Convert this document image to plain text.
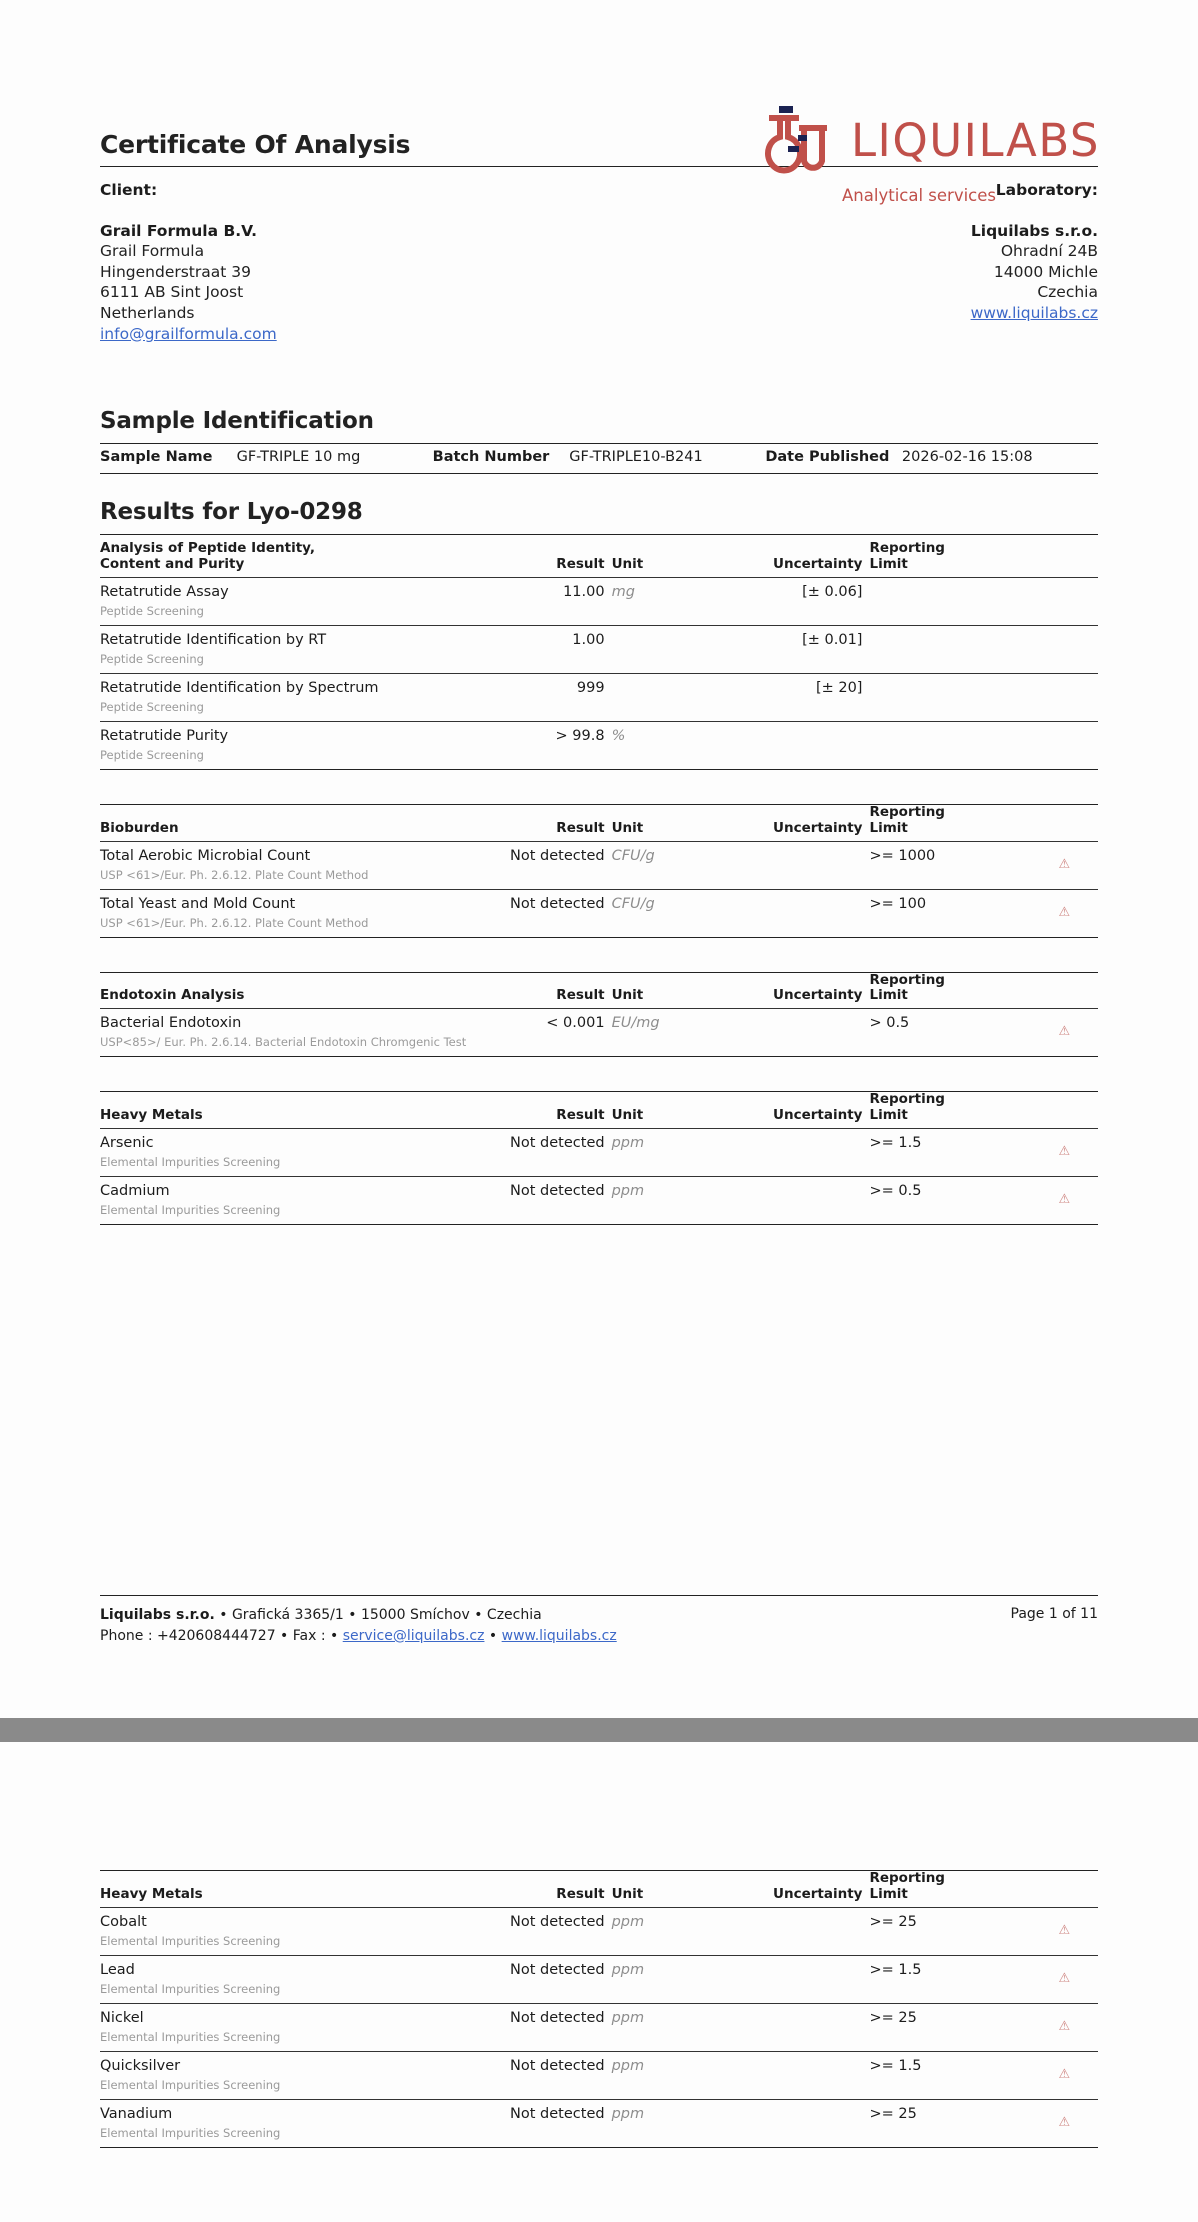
Certificate Of Analysis	LIQUILABS
Analytical services
Client:
Grail Formula B.V.
Grail Formula
Hingenderstraat 39
6111 AB Sint Joost
Netherlands
info@grailformula.com
Laboratory:
Liquilabs s.r.o.
Ohradní 24B
14000 Michle
Czechia
www.liquilabs.cz
Sample Identification
Sample Name	GF-TRIPLE 10 mg	Batch Number	GF-TRIPLE10-B241	Date Published	2026-02-16 15:08
Results for Lyo-0298
Analysis of Peptide Identity,
Content and Purity	Result	Unit	Uncertainty	Reporting
Limit	

Retatrutide Assay
Peptide Screening	11.00	mg	[± 0.06]		

Retatrutide Identification by RT
Peptide Screening	1.00		[± 0.01]		

Retatrutide Identification by Spectrum
Peptide Screening	999		[± 20]		

Retatrutide Purity
Peptide Screening	> 99.8	%			
Bioburden	Result	Unit	Uncertainty	Reporting
Limit	

Total Aerobic Microbial Count
USP <61>/Eur. Ph. 2.6.12. Plate Count Method	Not detected	CFU/g		>= 1000	⚠

Total Yeast and Mold Count
USP <61>/Eur. Ph. 2.6.12. Plate Count Method	Not detected	CFU/g		>= 100	⚠
Endotoxin Analysis	Result	Unit	Uncertainty	Reporting
Limit	

Bacterial Endotoxin
USP<85>/ Eur. Ph. 2.6.14. Bacterial Endotoxin Chromgenic Test	< 0.001	EU/mg		> 0.5	⚠
Heavy Metals	Result	Unit	Uncertainty	Reporting
Limit	

Arsenic
Elemental Impurities Screening	Not detected	ppm		>= 1.5	⚠

Cadmium
Elemental Impurities Screening	Not detected	ppm		>= 0.5	⚠
Liquilabs s.r.o. • Grafická 3365/1 • 15000 Smíchov • Czechia
Phone : +420608444727 • Fax : • service@liquilabs.cz • www.liquilabs.cz
Page 1 of 11
Heavy Metals	Result	Unit	Uncertainty	Reporting
Limit	

Cobalt
Elemental Impurities Screening	Not detected	ppm		>= 25	⚠

Lead
Elemental Impurities Screening	Not detected	ppm		>= 1.5	⚠

Nickel
Elemental Impurities Screening	Not detected	ppm		>= 25	⚠

Quicksilver
Elemental Impurities Screening	Not detected	ppm		>= 1.5	⚠

Vanadium
Elemental Impurities Screening	Not detected	ppm		>= 25	⚠
